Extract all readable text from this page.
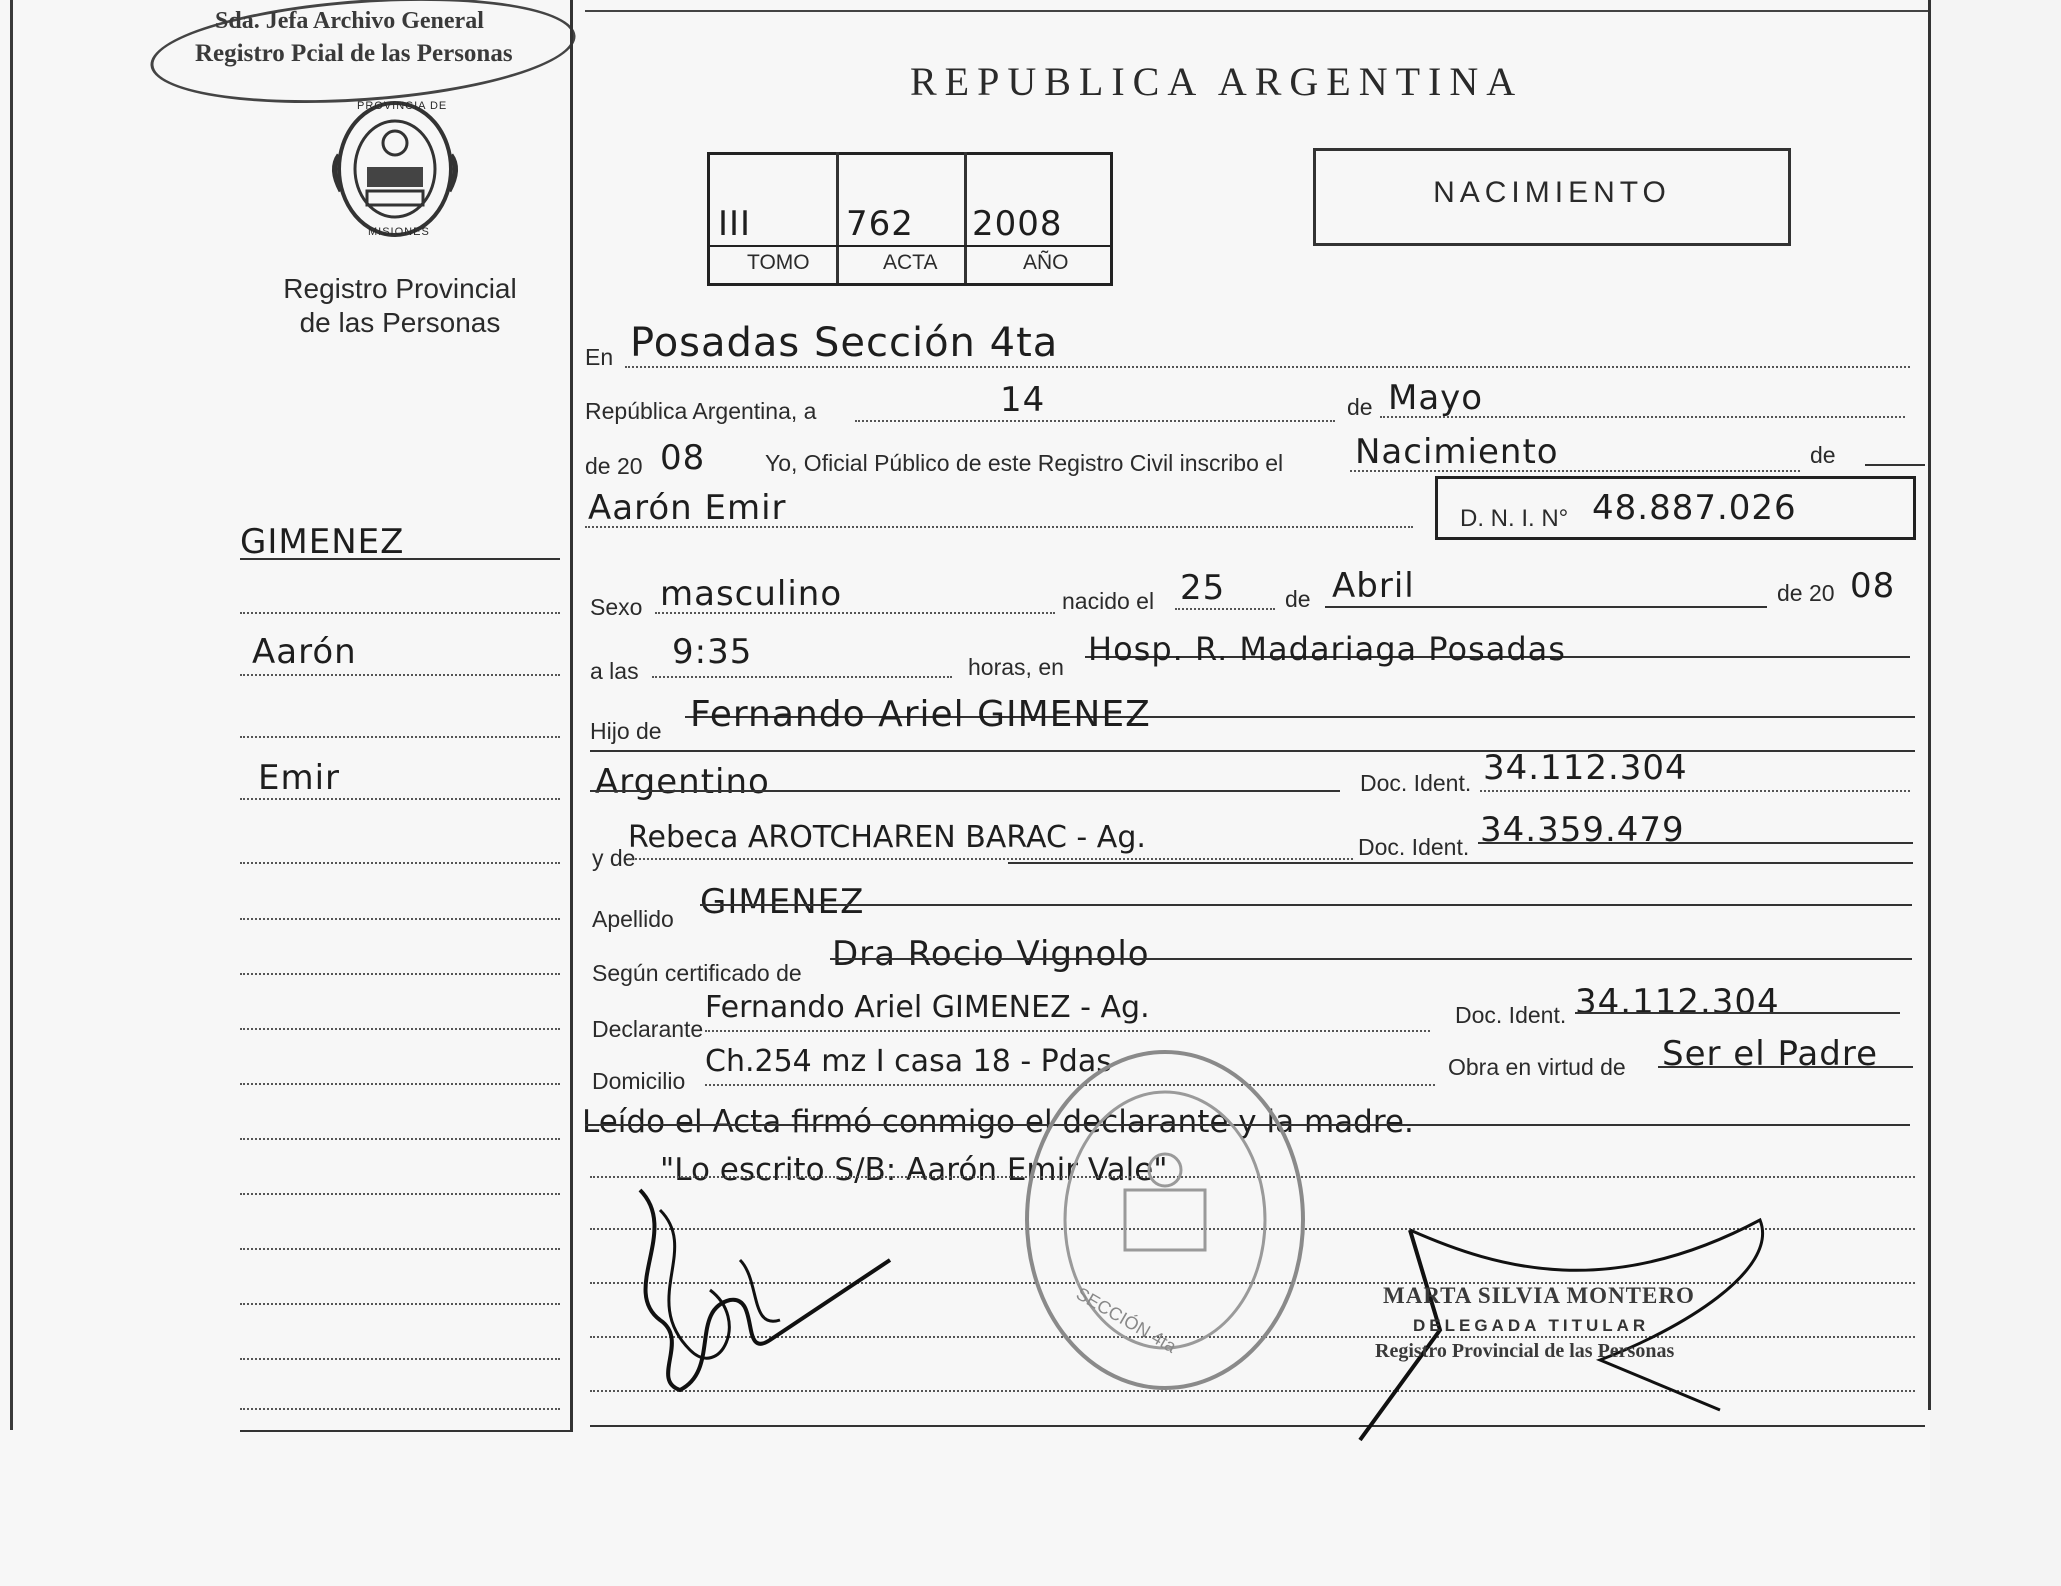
Sda. Jefa Archivo General
Registro Pcial de las Personas
PROVINCIA DE
MISIONES
Registro Provincial
de las Personas
GIMENEZ
Aarón
Emir
REPUBLICA ARGENTINA
III	762 2008
TOMO	ACTA	AÑO
NACIMIENTO
En Posadas Sección 4ta
República Argentina, a	14	de Mayo
de 20 08	Yo, Oficial Público de este Registro Civil inscribo el Nacimiento	de
Aarón Emir	D. N. I. N° 48.887.026
Sexo masculino	nacido el 25	de Abril	de 20 08
a las 9:35	horas, en Hosp. R. Madariaga Posadas
Hijo de Fernando Ariel GIMENEZ
Argentino	Doc. Ident. 34.112.304
y de
Rebeca AROTCHAREN BARAC - Ag.	Doc. Ident. 34.359.479
Apellido GIMENEZ
Según certificado de Dra Rocio Vignolo
Declarante
Fernando Ariel GIMENEZ - Ag.	Doc. Ident. 34.112.304
Domicilio
Ch.254 mz I casa 18 - Pdas	Obra en virtud de Ser el Padre
Leído el Acta firmó conmigo el declarante y la madre.
"Lo escrito S/B: Aarón Emir Vale"
SECCIÓN 4ta	MARTA SILVIA MONTERO
DELEGADA TITULAR
Registro Provincial de las Personas
